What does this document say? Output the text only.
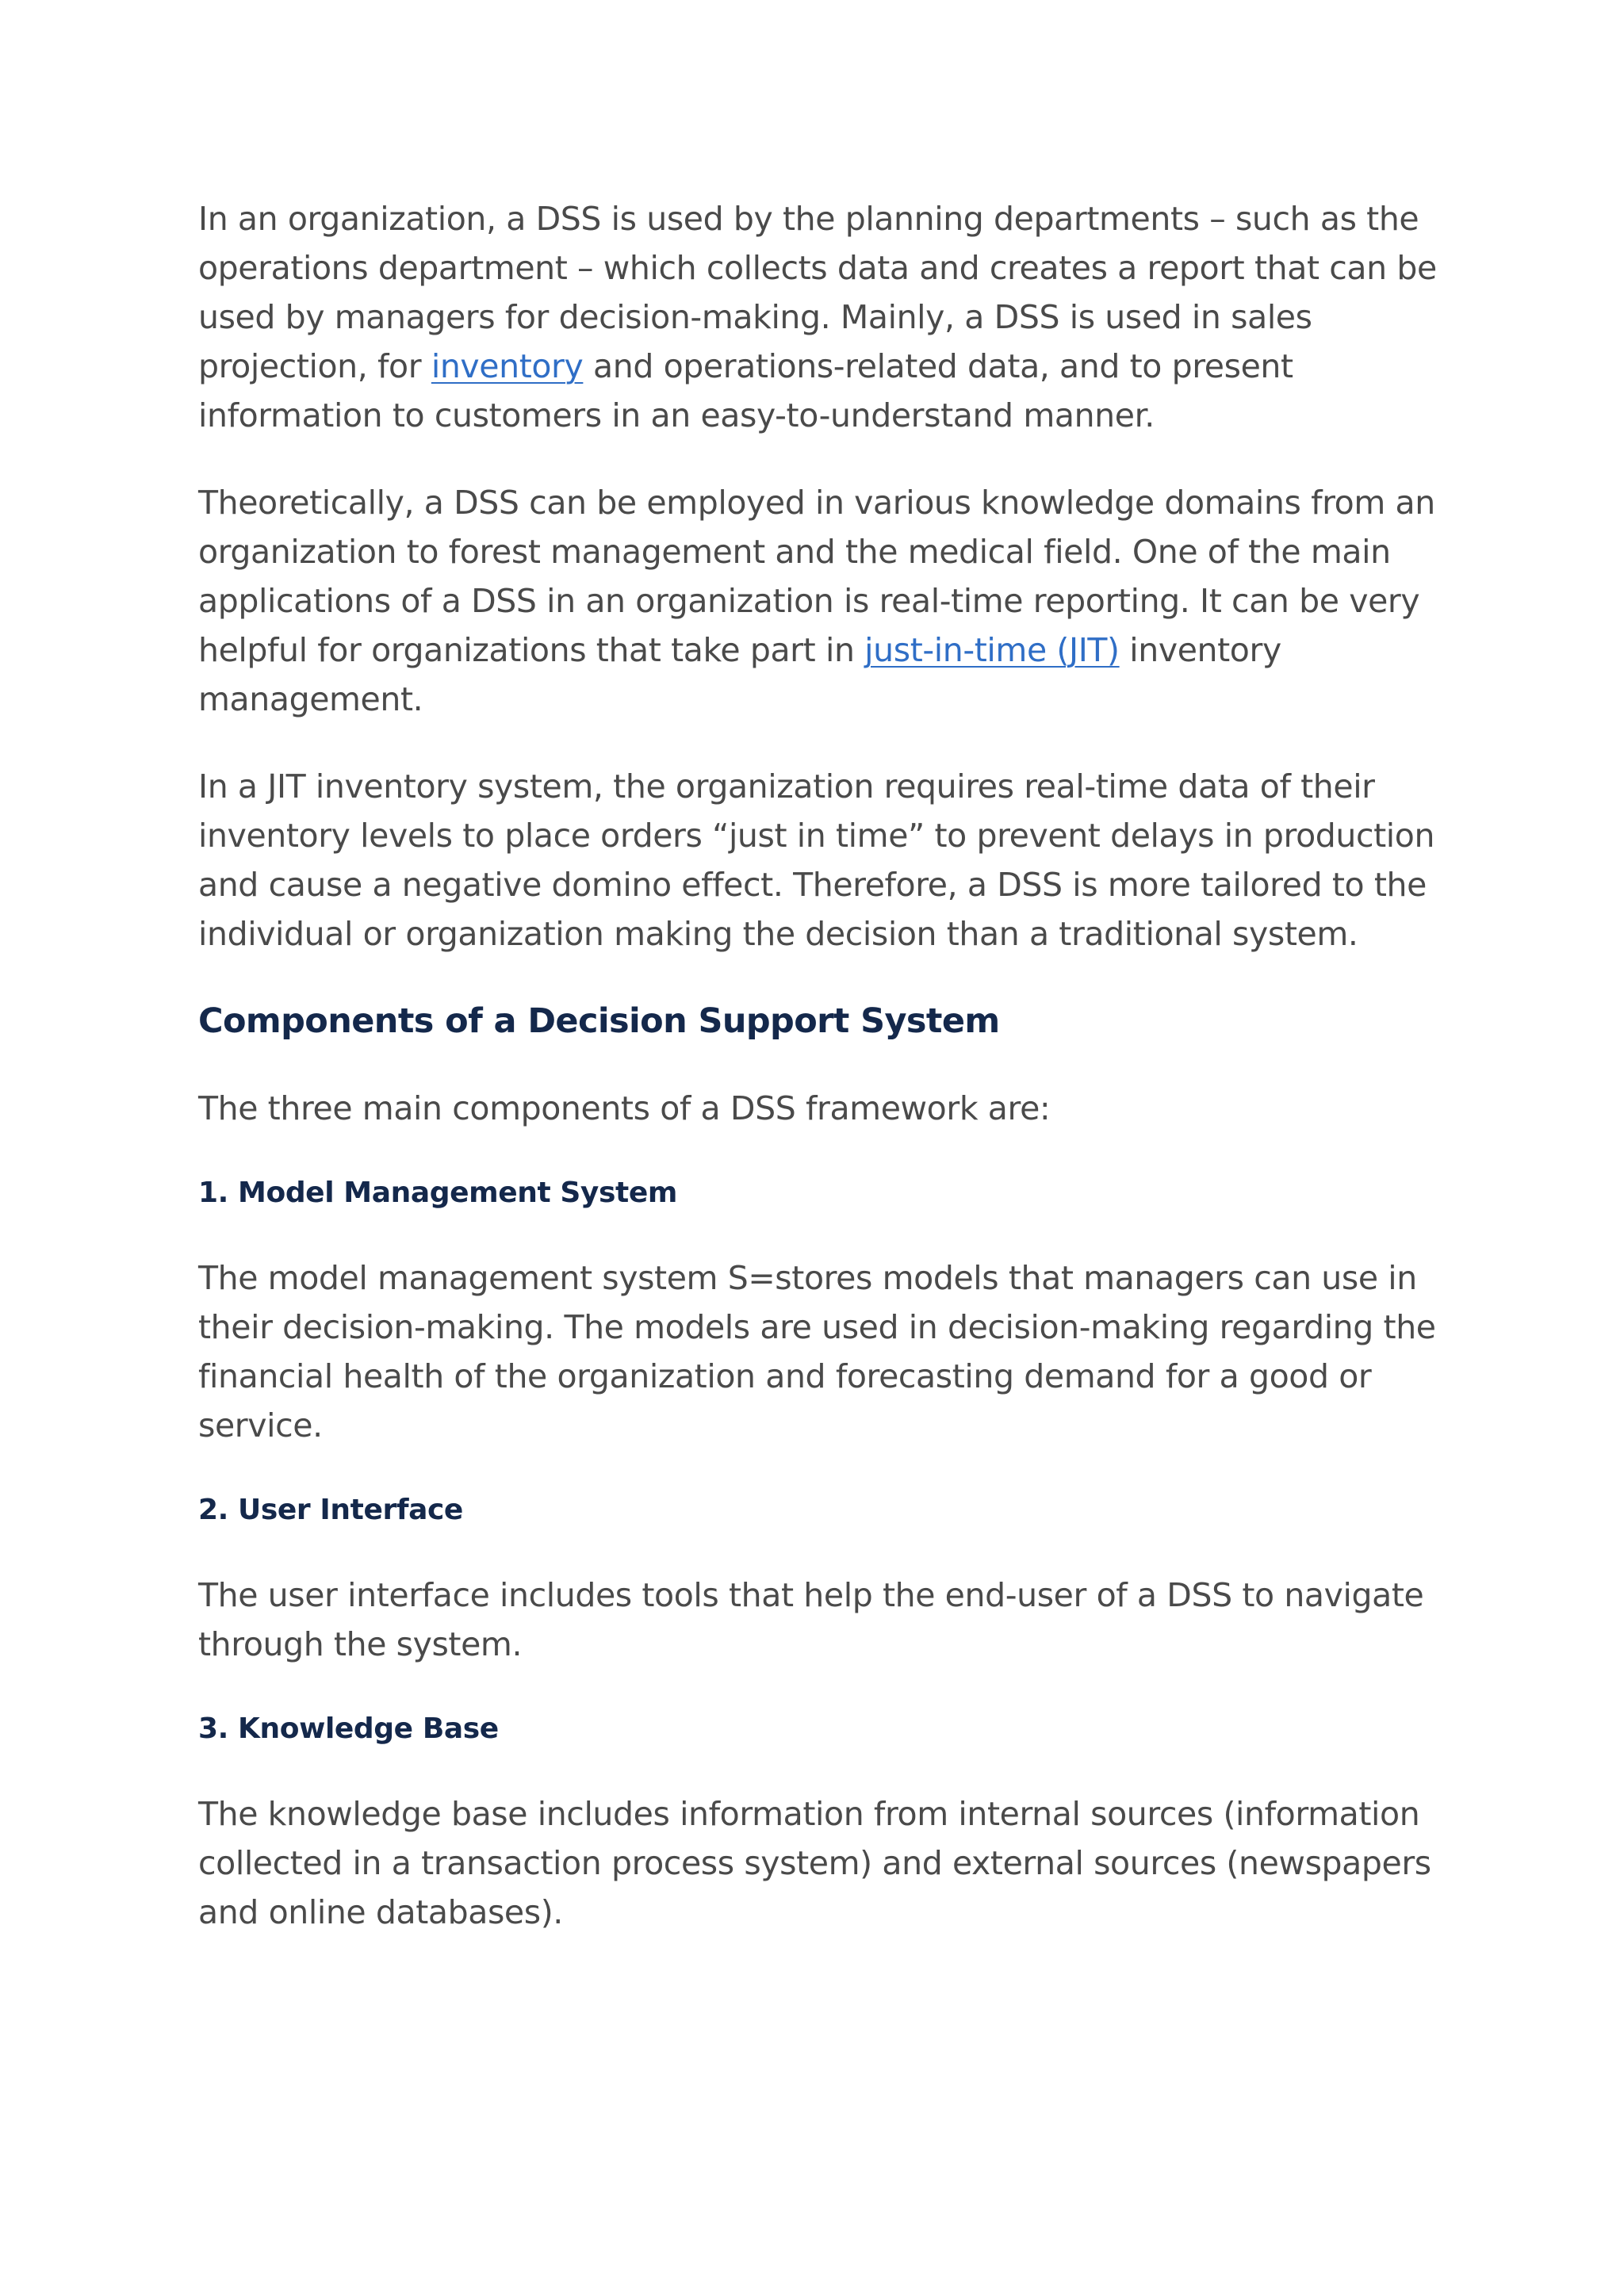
In an organization, a DSS is used by the planning departments – such as the operations department – which collects data and creates a report that can be used by managers for decision-making. Mainly, a DSS is used in sales projection, for inventory and operations-related data, and to present information to customers in an easy-to-understand manner.

Theoretically, a DSS can be employed in various knowledge domains from an organization to forest management and the medical field. One of the main applications of a DSS in an organization is real-time reporting. It can be very helpful for organizations that take part in just-in-time (JIT) inventory management.

In a JIT inventory system, the organization requires real-time data of their inventory levels to place orders “just in time” to prevent delays in production and cause a negative domino effect. Therefore, a DSS is more tailored to the individual or organization making the decision than a traditional system.

Components of a Decision Support System

The three main components of a DSS framework are:

1. Model Management System

The model management system S=stores models that managers can use in their decision-making. The models are used in decision-making regarding the financial health of the organization and forecasting demand for a good or service.

2. User Interface

The user interface includes tools that help the end-user of a DSS to navigate through the system.

3. Knowledge Base

The knowledge base includes information from internal sources (information collected in a transaction process system) and external sources (newspapers and online databases).
